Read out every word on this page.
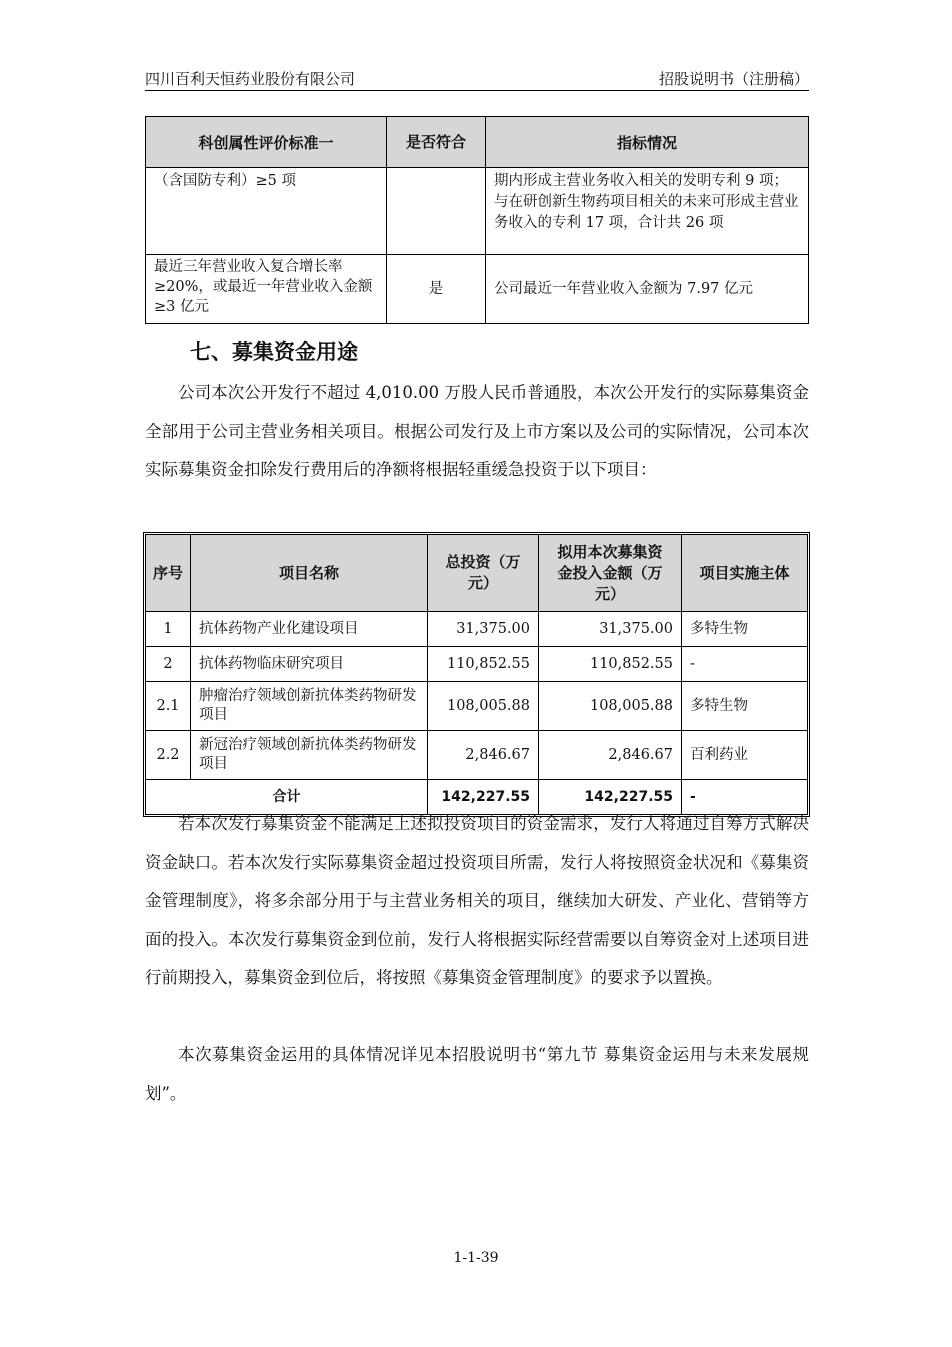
四川百利天恒药业股份有限公司	招股说明书（注册稿）
科创属性评价标准一	是否符合	指标情况
（含国防专利）≥5 项		期内形成主营业务收入相关的发明专利 9 项；与在研创新生物药项目相关的未来可形成主营业务收入的专利 17 项，合计共 26 项
最近三年营业收入复合增长率≥20%，或最近一年营业收入金额≥3 亿元	是	公司最近一年营业收入金额为 7.97 亿元
七、募集资金用途

公司本次公开发行不超过 4,010.00 万股人民币普通股，本次公开发行的实际募集资金全部用于公司主营业务相关项目。根据公司发行及上市方案以及公司的实际情况，公司本次实际募集资金扣除发行费用后的净额将根据轻重缓急投资于以下项目：

序号	项目名称	总投资（万元）	拟用本次募集资金投入金额（万元）	项目实施主体
1	抗体药物产业化建设项目	31,375.00	31,375.00	多特生物
2	抗体药物临床研究项目	110,852.55	110,852.55	-
2.1	肿瘤治疗领域创新抗体类药物研发项目	108,005.88	108,005.88	多特生物
2.2	新冠治疗领域创新抗体类药物研发项目	2,846.67	2,846.67	百利药业
合计		142,227.55	142,227.55	-

若本次发行募集资金不能满足上述拟投资项目的资金需求，发行人将通过自筹方式解决资金缺口。若本次发行实际募集资金超过投资项目所需，发行人将按照资金状况和《募集资金管理制度》，将多余部分用于与主营业务相关的项目，继续加大研发、产业化、营销等方面的投入。本次发行募集资金到位前，发行人将根据实际经营需要以自筹资金对上述项目进行前期投入，募集资金到位后，将按照《募集资金管理制度》的要求予以置换。

本次募集资金运用的具体情况详见本招股说明书“第九节 募集资金运用与未来发展规划”。

1-1-39
